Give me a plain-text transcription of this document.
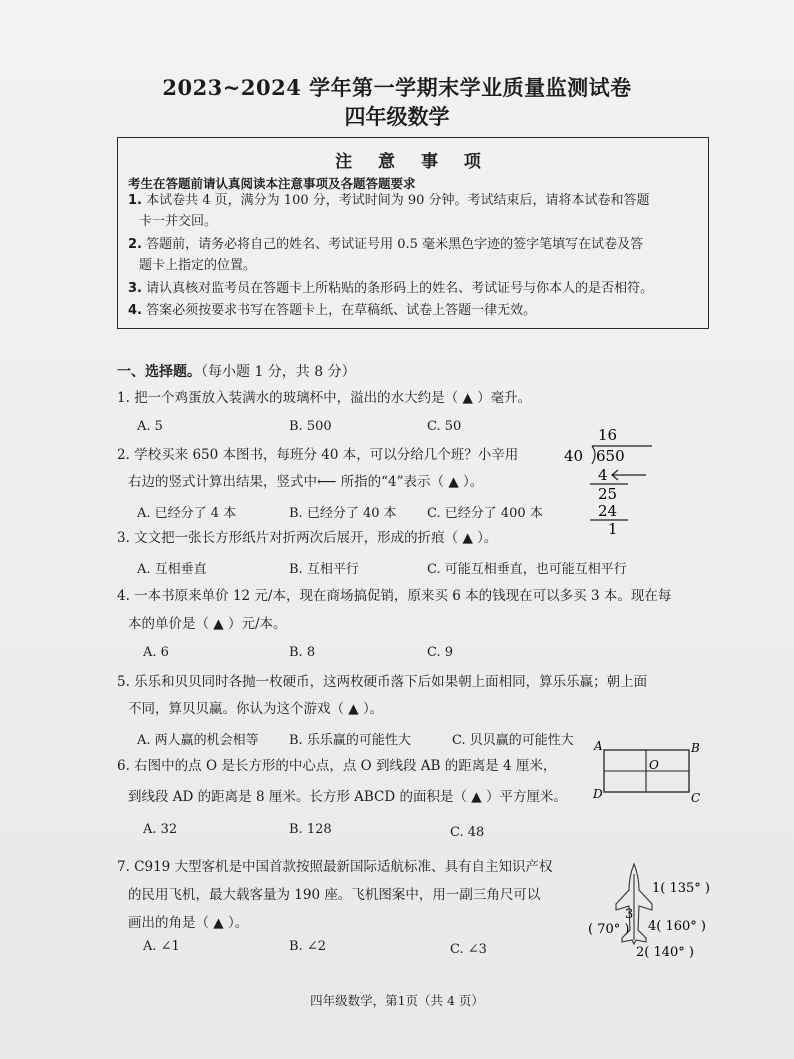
2023~2024 学年第一学期末学业质量监测试卷
四年级数学
注 意 事 项
考生在答题前请认真阅读本注意事项及各题答题要求
1. 本试卷共 4 页，满分为 100 分，考试时间为 90 分钟。考试结束后，请将本试卷和答题
卡一并交回。
2. 答题前，请务必将自己的姓名、考试证号用 0.5 毫米黑色字迹的签字笔填写在试卷及答
题卡上指定的位置。
3. 请认真核对监考员在答题卡上所粘贴的条形码上的姓名、考试证号与你本人的是否相符。
4. 答案必须按要求书写在答题卡上，在草稿纸、试卷上答题一律无效。
一、选择题。（每小题 1 分，共 8 分）
1. 把一个鸡蛋放入装满水的玻璃杯中，溢出的水大约是（ ▲ ）毫升。
A. 5	B. 500	C. 50
2. 学校买来 650 本图书，每班分 40 本，可以分给几个班？小辛用
右边的竖式计算出结果，竖式中⟵ 所指的“4”表示（ ▲ ）。
A. 已经分了 4 本	B. 已经分了 40 本 C. 已经分了 400 本
16
40 650
4
25
24
1
3. 文文把一张长方形纸片对折两次后展开，形成的折痕（ ▲ ）。
A. 互相垂直	B. 互相平行	C. 可能互相垂直，也可能互相平行
4. 一本书原来单价 12 元/本，现在商场搞促销，原来买 6 本的钱现在可以多买 3 本。现在每
本的单价是（ ▲ ）元/本。
A. 6	B. 8	C. 9
5. 乐乐和贝贝同时各抛一枚硬币，这两枚硬币落下后如果朝上面相同，算乐乐赢；朝上面
不同，算贝贝赢。你认为这个游戏（ ▲ ）。
A. 两人赢的机会相等 B. 乐乐赢的可能性大	C. 贝贝赢的可能性大
6. 右图中的点 O 是长方形的中心点，点 O 到线段 AB 的距离是 4 厘米，
到线段 AD 的距离是 8 厘米。长方形 ABCD 的面积是（ ▲ ）平方厘米。
A. 32	B. 128	C. 48
A	B
C
D
O
7. C919 大型客机是中国首款按照最新国际适航标准、具有自主知识产权
的民用飞机，最大载客量为 190 座。飞机图案中，用一副三角尺可以
画出的角是（ ▲ ）。
A. ∠1	B. ∠2	C. ∠3
1( 135° )
3
( 70° ) 4( 160° )
2( 140° )
四年级数学，第1页（共 4 页）
